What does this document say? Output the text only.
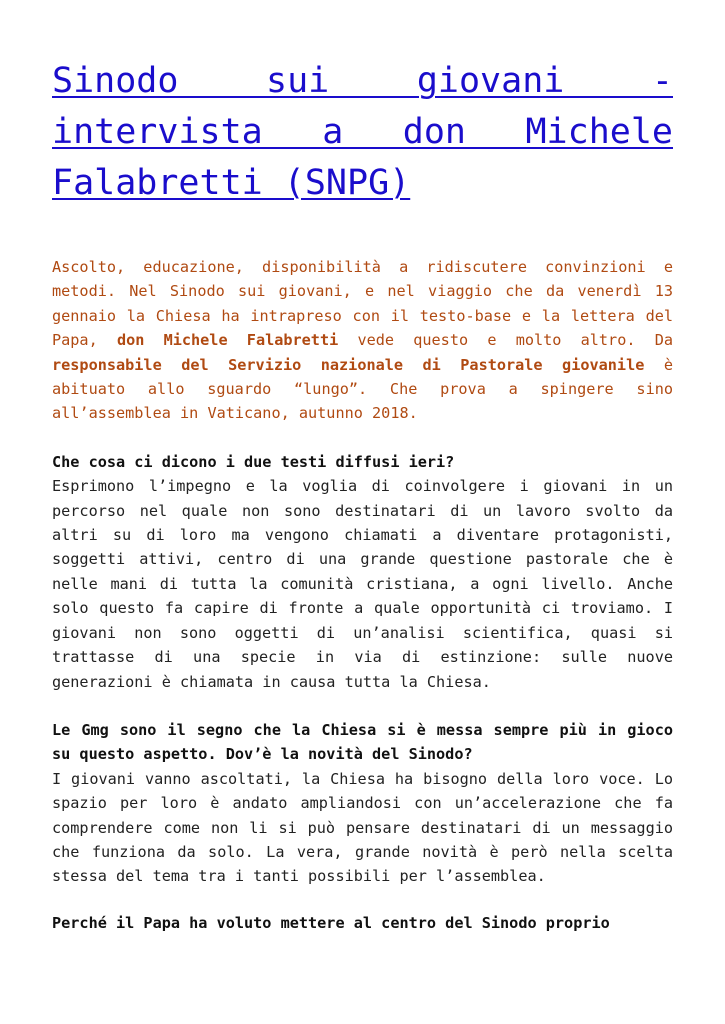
Sinodo sui giovani - intervista a don Michele Falabretti (SNPG)

Ascolto, educazione, disponibilità a ridiscutere convinzioni e metodi. Nel Sinodo sui giovani, e nel viaggio che da venerdì 13 gennaio la Chiesa ha intrapreso con il testo-base e la lettera del Papa, don Michele Falabretti vede questo e molto altro. Da responsabile del Servizio nazionale di Pastorale giovanile è abituato allo sguardo “lungo”. Che prova a spingere sino all’assemblea in Vaticano, autunno 2018.

Che cosa ci dicono i due testi diffusi ieri?

Esprimono l’impegno e la voglia di coinvolgere i giovani in un percorso nel quale non sono destinatari di un lavoro svolto da altri su di loro ma vengono chiamati a diventare protagonisti, soggetti attivi, centro di una grande questione pastorale che è nelle mani di tutta la comunità cristiana, a ogni livello. Anche solo questo fa capire di fronte a quale opportunità ci troviamo. I giovani non sono oggetti di un’analisi scientifica, quasi si trattasse di una specie in via di estinzione: sulle nuove generazioni è chiamata in causa tutta la Chiesa.

Le Gmg sono il segno che la Chiesa si è messa sempre più in gioco su questo aspetto. Dov’è la novità del Sinodo?

I giovani vanno ascoltati, la Chiesa ha bisogno della loro voce. Lo spazio per loro è andato ampliandosi con un’accelerazione che fa comprendere come non li si può pensare destinatari di un messaggio che funziona da solo. La vera, grande novità è però nella scelta stessa del tema tra i tanti possibili per l’assemblea.

Perché il Papa ha voluto mettere al centro del Sinodo proprio
